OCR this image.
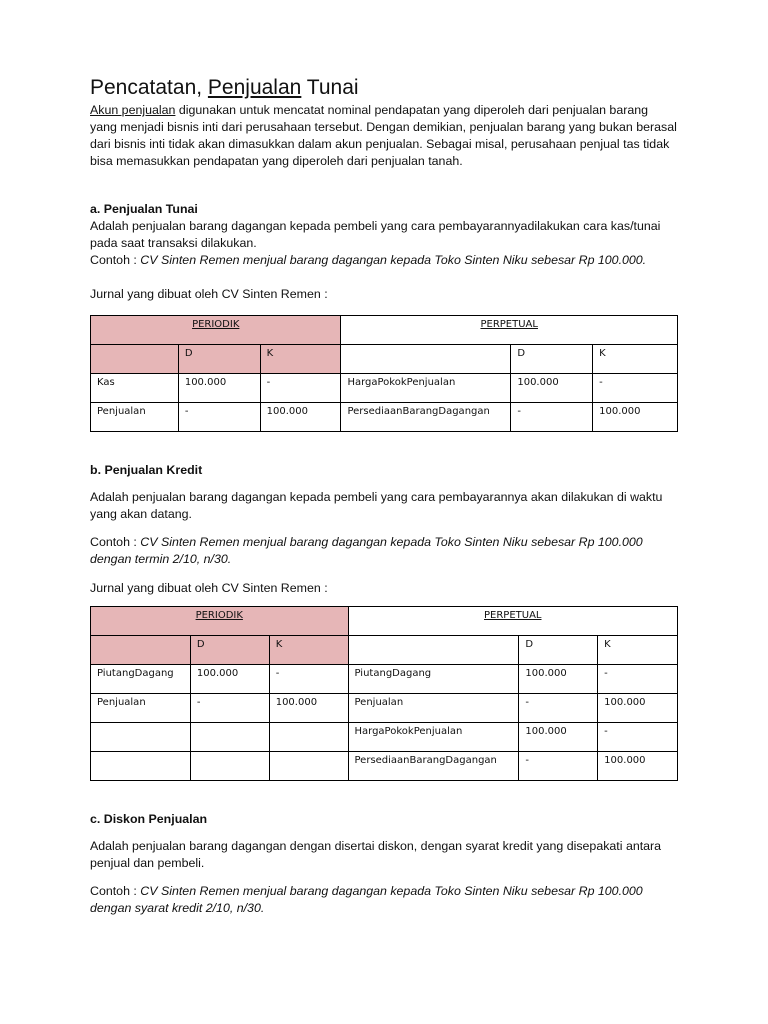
Pencatatan, Penjualan Tunai

Akun penjualan digunakan untuk mencatat nominal pendapatan yang diperoleh dari penjualan barang yang menjadi bisnis inti dari perusahaan tersebut. Dengan demikian, penjualan barang yang bukan berasal dari bisnis inti tidak akan dimasukkan dalam akun penjualan. Sebagai misal, perusahaan penjual tas tidak bisa memasukkan pendapatan yang diperoleh dari penjualan tanah.

a. Penjualan Tunai

Adalah penjualan barang dagangan kepada pembeli yang cara pembayarannyadilakukan cara kas/tunai pada saat transaksi dilakukan.

Contoh : CV Sinten Remen menjual barang dagangan kepada Toko Sinten Niku sebesar Rp 100.000.

Jurnal yang dibuat oleh CV Sinten Remen :

PERIODIK			PERPETUAL		

	D	K		D	K

Kas	100.000	-	HargaPokokPenjualan	100.000	-

Penjualan	-	100.000	PersediaanBarangDagangan	-	100.000

b. Penjualan Kredit

Adalah penjualan barang dagangan kepada pembeli yang cara pembayarannya akan dilakukan di waktu yang akan datang.

Contoh : CV Sinten Remen menjual barang dagangan kepada Toko Sinten Niku sebesar Rp 100.000 dengan termin 2/10, n/30.

Jurnal yang dibuat oleh CV Sinten Remen :

PERIODIK			PERPETUAL		

	D	K		D	K

PiutangDagang	100.000	-	PiutangDagang	100.000	-

Penjualan	-	100.000	Penjualan	-	100.000

			HargaPokokPenjualan	100.000	-

			PersediaanBarangDagangan	-	100.000

c. Diskon Penjualan

Adalah penjualan barang dagangan dengan disertai diskon, dengan syarat kredit yang disepakati antara penjual dan pembeli.

Contoh : CV Sinten Remen menjual barang dagangan kepada Toko Sinten Niku sebesar Rp 100.000 dengan syarat kredit 2/10, n/30.
